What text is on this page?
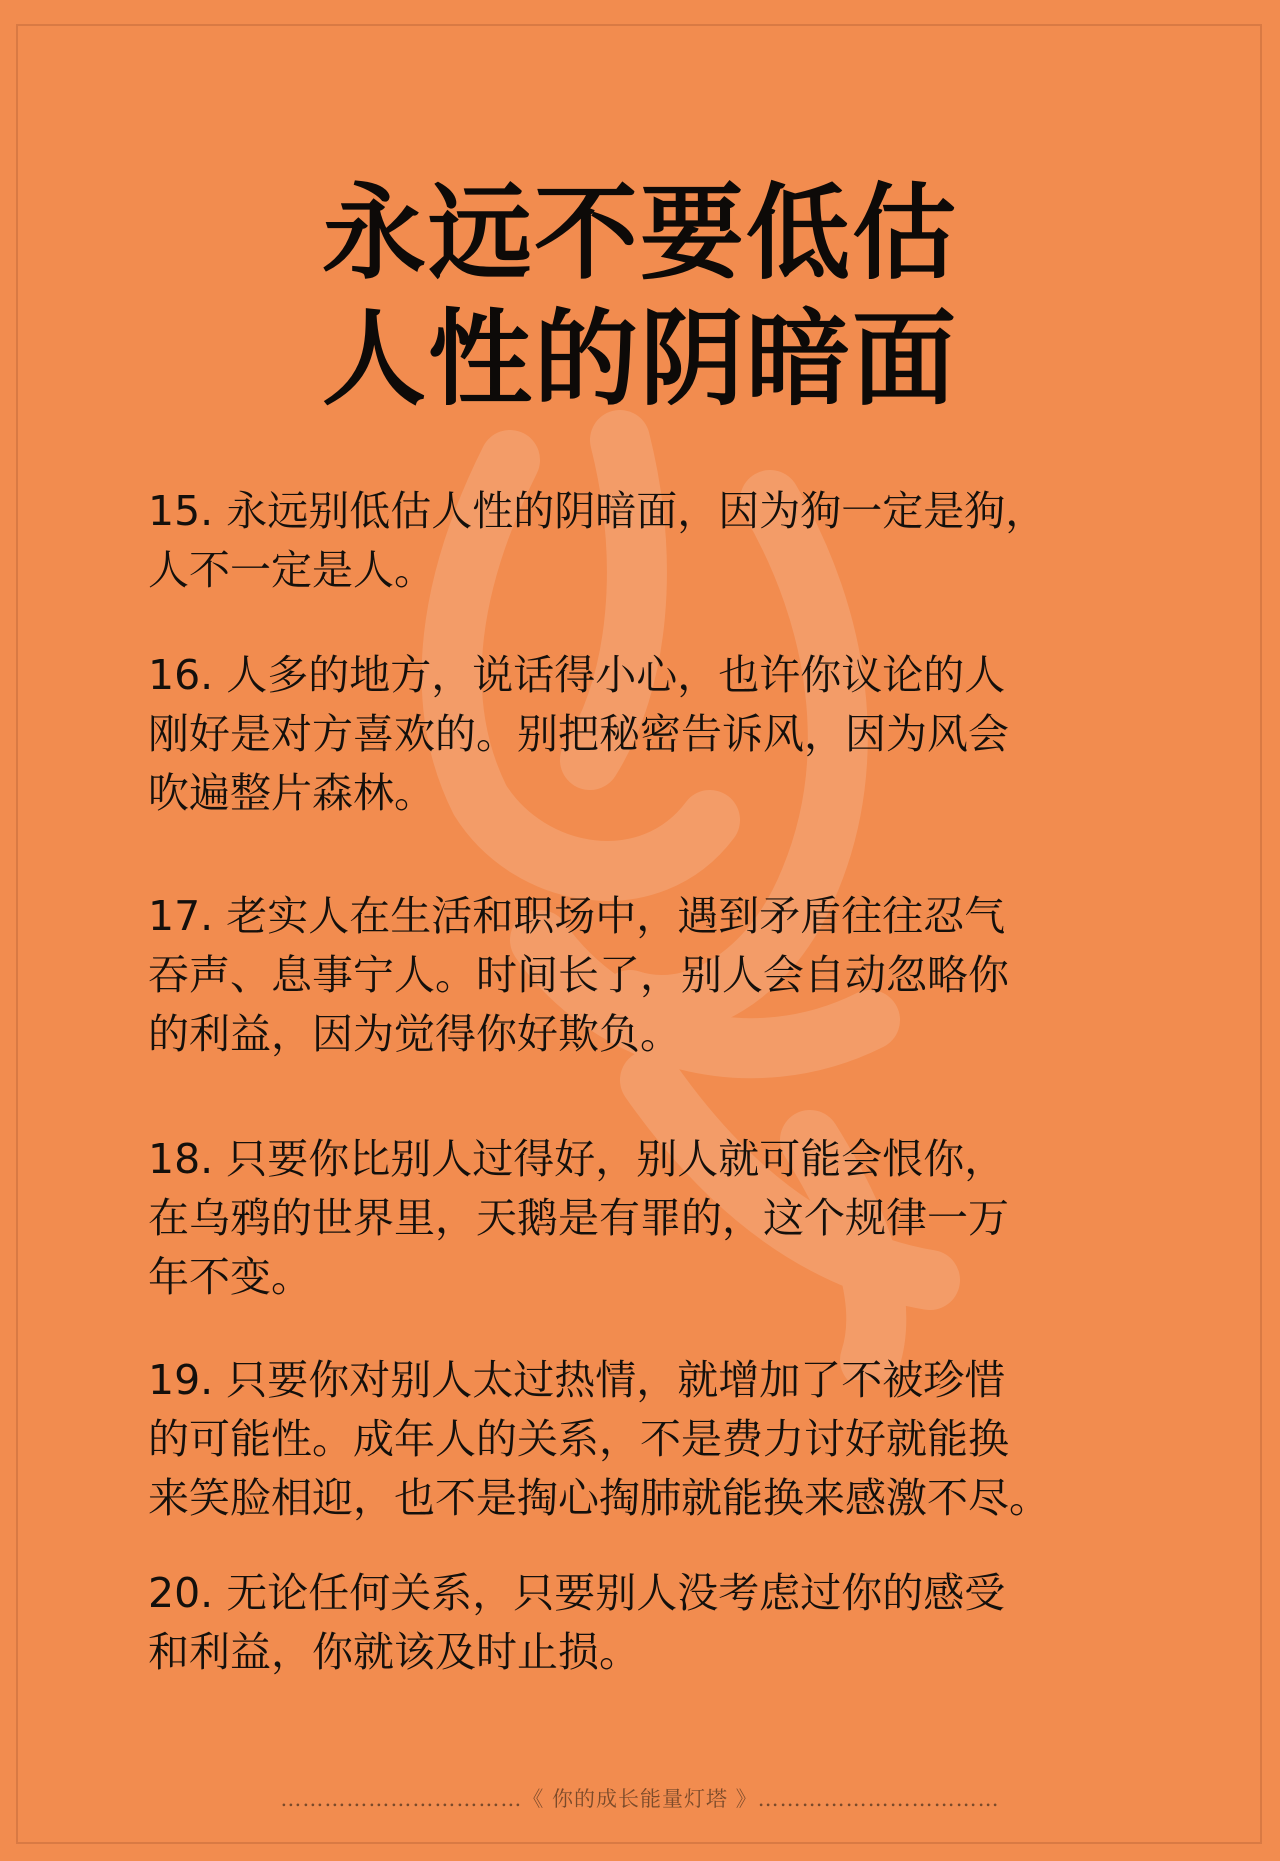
永远不要低估
人性的阴暗面
15. 永远别低估人性的阴暗面，因为狗一定是狗，
人不一定是人。
16. 人多的地方，说话得小心，也许你议论的人
刚好是对方喜欢的。别把秘密告诉风，因为风会
吹遍整片森林。
17. 老实人在生活和职场中，遇到矛盾往往忍气
吞声、息事宁人。时间长了，别人会自动忽略你
的利益，因为觉得你好欺负。
18. 只要你比别人过得好，别人就可能会恨你，
在乌鸦的世界里，天鹅是有罪的，这个规律一万
年不变。
19. 只要你对别人太过热情，就增加了不被珍惜
的可能性。成年人的关系，不是费力讨好就能换
来笑脸相迎，也不是掏心掏肺就能换来感激不尽。
20. 无论任何关系，只要别人没考虑过你的感受
和利益，你就该及时止损。
……………………………《 你的成长能量灯塔 》……………………………
